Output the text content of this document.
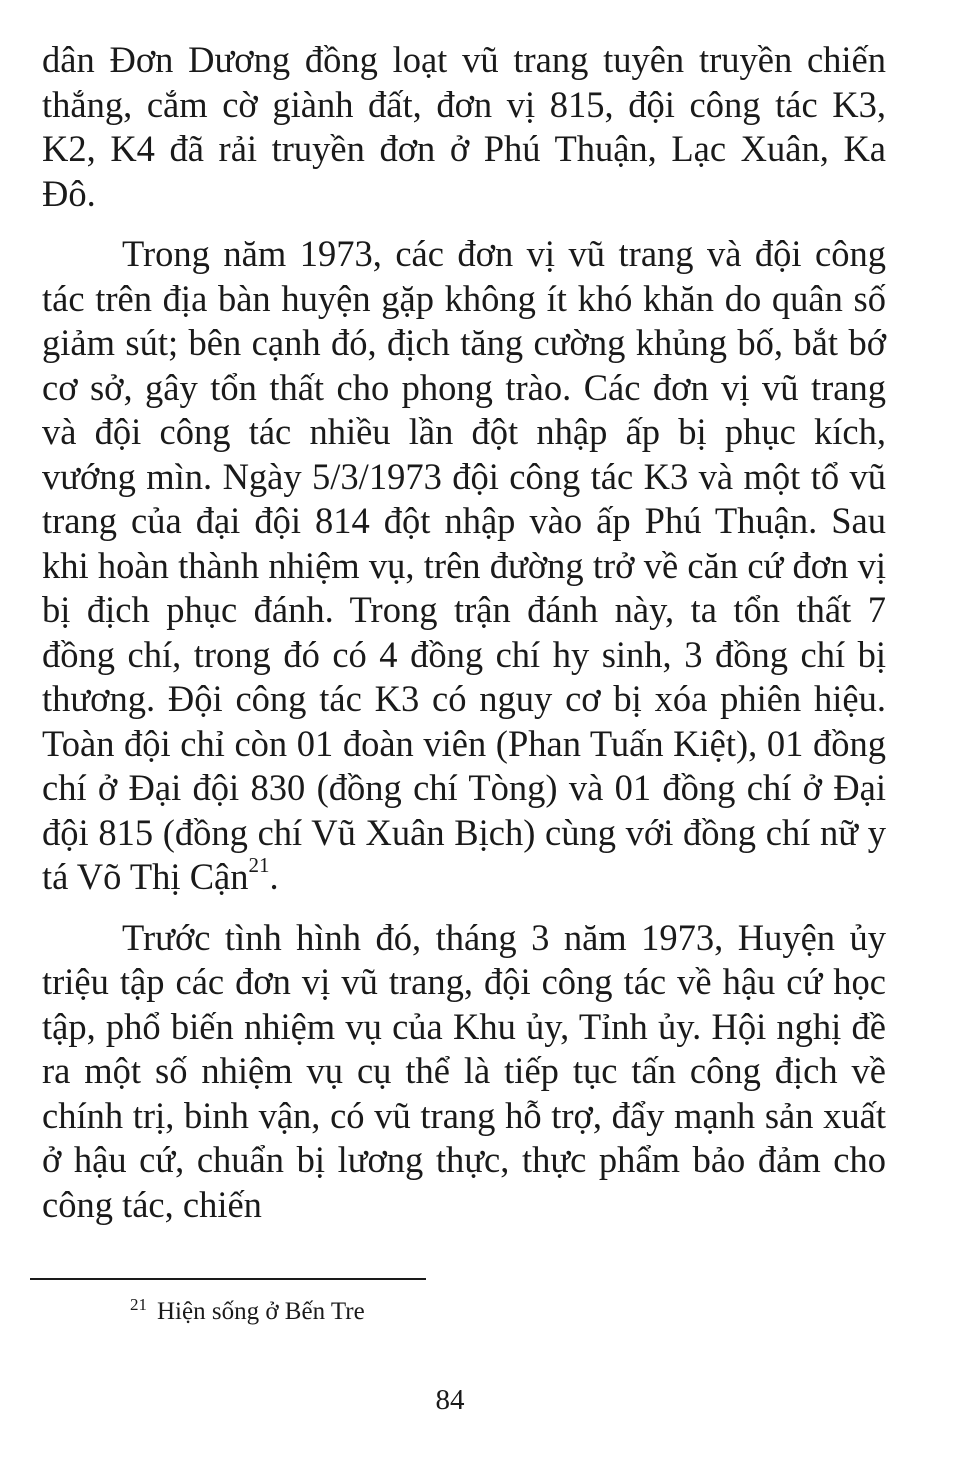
dân Đơn Dương đồng loạt vũ trang tuyên truyền chiến thắng, cắm cờ giành đất, đơn vị 815, đội công tác K3, K2, K4 đã rải truyền đơn ở Phú Thuận, Lạc Xuân, Ka Đô.

Trong năm 1973, các đơn vị vũ trang và đội công tác trên địa bàn huyện gặp không ít khó khăn do quân số giảm sút; bên cạnh đó, địch tăng cường khủng bố, bắt bớ cơ sở, gây tổn thất cho phong trào. Các đơn vị vũ trang và đội công tác nhiều lần đột nhập ấp bị phục kích, vướng mìn. Ngày 5/3/1973 đội công tác K3 và một tổ vũ trang của đại đội 814 đột nhập vào ấp Phú Thuận. Sau khi hoàn thành nhiệm vụ, trên đường trở về căn cứ đơn vị bị địch phục đánh. Trong trận đánh này, ta tổn thất 7 đồng chí, trong đó có 4 đồng chí hy sinh, 3 đồng chí bị thương. Đội công tác K3 có nguy cơ bị xóa phiên hiệu. Toàn đội chỉ còn 01 đoàn viên (Phan Tuấn Kiệt), 01 đồng chí ở Đại đội 830 (đồng chí Tòng) và 01 đồng chí ở Đại đội 815 (đồng chí Vũ Xuân Bịch) cùng với đồng chí nữ y tá Võ Thị Cận$^{21}$.

Trước tình hình đó, tháng 3 năm 1973, Huyện ủy triệu tập các đơn vị vũ trang, đội công tác về hậu cứ học tập, phổ biến nhiệm vụ của Khu ủy, Tỉnh ủy. Hội nghị đề ra một số nhiệm vụ cụ thể là tiếp tục tấn công địch về chính trị, binh vận, có vũ trang hỗ trợ, đẩy mạnh sản xuất ở hậu cứ, chuẩn bị lương thực, thực phẩm bảo đảm cho công tác, chiến

$^{21}$ Hiện sống ở Bến Tre
84
